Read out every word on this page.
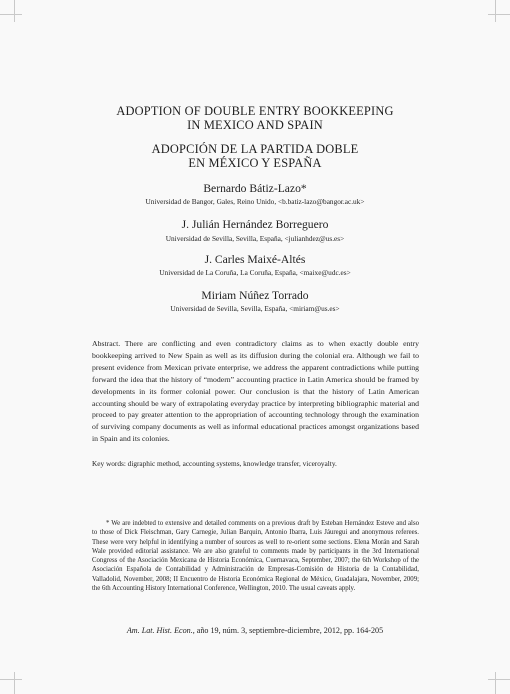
ADOPTION OF DOUBLE ENTRY BOOKKEEPING
IN MEXICO AND SPAIN
ADOPCIÓN DE LA PARTIDA DOBLE
EN MÉXICO Y ESPAÑA
Bernardo Bátiz-Lazo*
Universidad de Bangor, Gales, Reino Unido, <b.batiz-lazo@bangor.ac.uk>
J. Julián Hernández Borreguero
Universidad de Sevilla, Sevilla, España, <julianhdez@us.es>
J. Carles Maixé-Altés
Universidad de La Coruña, La Coruña, España, <maixe@udc.es>
Miriam Núñez Torrado
Universidad de Sevilla, Sevilla, España, <miriam@us.es>

Abstract. There are conflicting and even contradictory claims as to when exactly double entry bookkeeping arrived to New Spain as well as its diffusion during the colonial era. Although we fail to present evidence from Mexican private enterprise, we address the apparent contradictions while putting forward the idea that the history of “modern” accounting practice in Latin America should be framed by developments in its former colonial power. Our conclusion is that the history of Latin American accounting should be wary of extrapolating everyday practice by interpreting bibliographic material and proceed to pay greater attention to the appropriation of accounting technology through the examination of surviving company documents as well as informal educational practices amongst organizations based in Spain and its colonies.

Key words: digraphic method, accounting systems, knowledge transfer, viceroyalty.

* We are indebted to extensive and detailed comments on a previous draft by Esteban Hernández Esteve and also to those of Dick Fleischman, Gary Carnegie, Julian Barquin, Antonio Ibarra, Luis Jáuregui and anonymous referees. These were very helpful in identifying a number of sources as well to re-orient some sections. Elena Morán and Sarah Wale provided editorial assistance. We are also grateful to comments made by participants in the 3rd International Congress of the Asociación Mexicana de Historia Económica, Cuernavaca, September, 2007; the 6th Workshop of the Asociación Española de Contabilidad y Administración de Empresas-Comisión de Historia de la Contabilidad, Valladolid, November, 2008; II Encuentro de Historia Económica Regional de México, Guadalajara, November, 2009; the 6th Accounting History International Conference, Wellington, 2010. The usual caveats apply.

Am. Lat. Hist. Econ., año 19, núm. 3, septiembre-diciembre, 2012, pp. 164-205
